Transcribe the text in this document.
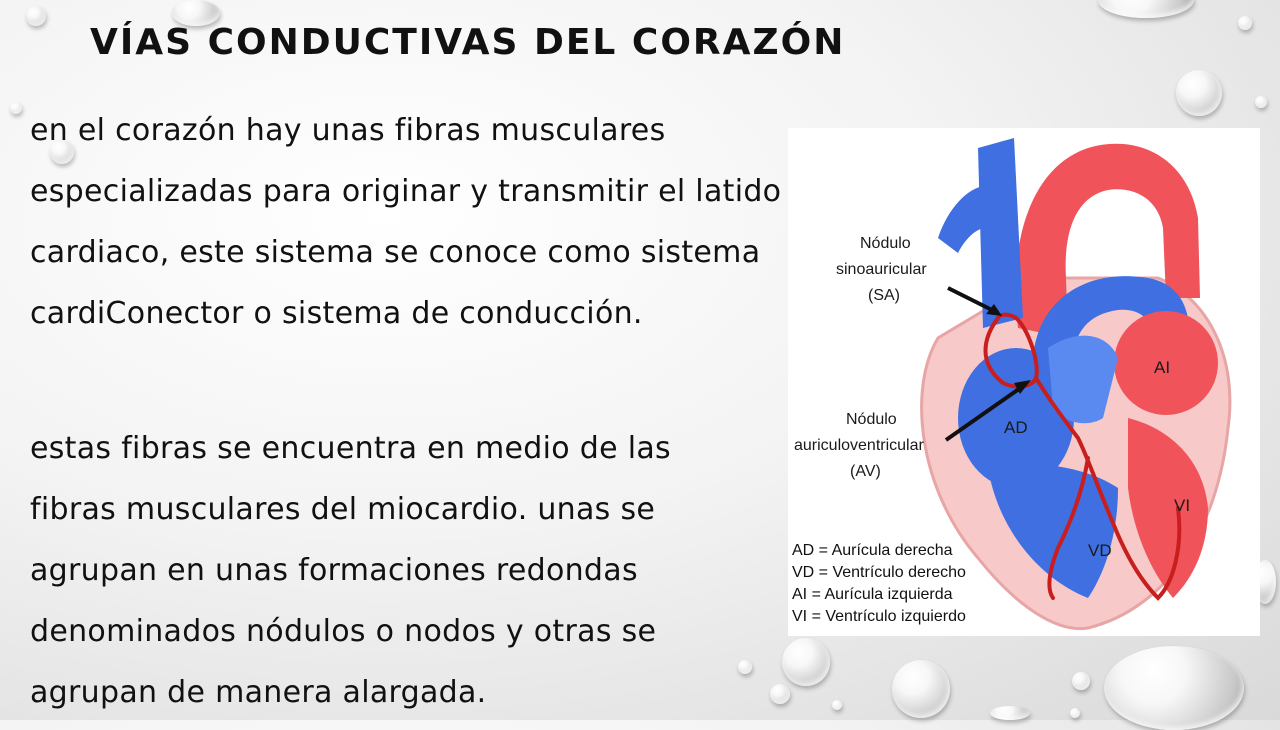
VÍAS CONDUCTIVAS DEL CORAZÓN

en el corazón hay unas fibras musculares especializadas para originar y transmitir el latido cardiaco, este sistema se conoce como sistema cardiConector o sistema de conducción.

estas fibras se encuentra en medio de las fibras musculares del miocardio. unas se agrupan en unas formaciones redondas denominados nódulos o nodos y otras se agrupan de manera alargada.

Nódulo
sinoauricular
(SA)
Nódulo
auriculoventricular
(AV)
AD
AI
VD
VI
AD = Aurícula derecha
VD = Ventrículo derecho
AI = Aurícula izquierda
VI = Ventrículo izquierdo
